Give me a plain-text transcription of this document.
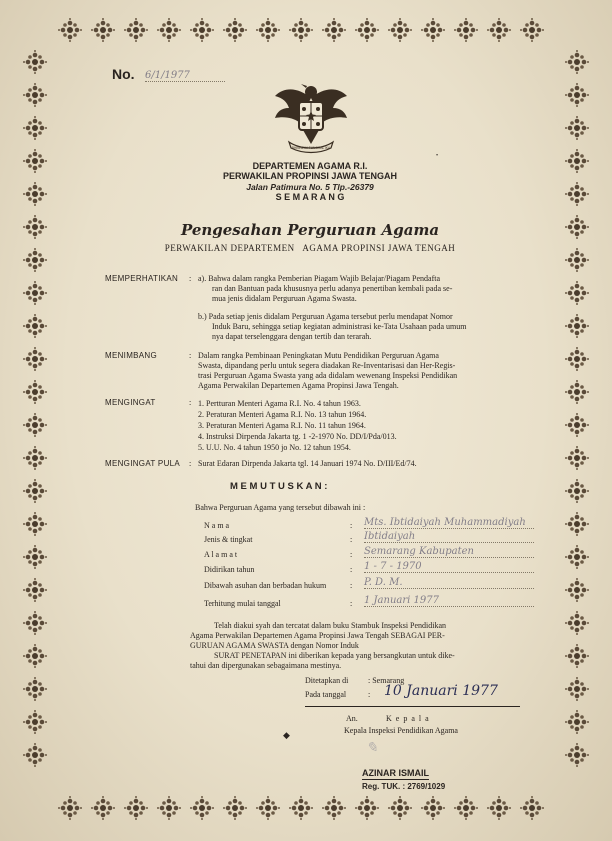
No. 6/1/1977
BHINNEKA TUNGGAL IKA
DEPARTEMEN AGAMA R.I.
PERWAKILAN PROPINSI JAWA TENGAH
Jalan Patimura No. 5 Tlp.-26379
S E M A R A N G
Pengesahan Perguruan Agama
PERWAKILAN DEPARTEMEN   AGAMA PROPINSI JAWA TENGAH
MEMPERHATIKAN : a). Bahwa dalam rangka Pemberian Piagam Wajib Belajar/Piagam Pendafta
ran dan Bantuan pada khususnya perlu adanya penertiban kembali pada se-
mua jenis didalam Perguruan Agama Swasta.
b.) Pada setiap jenis didalam Perguruan Agama tersebut perlu mendapat Nomor
Induk Baru, sehingga setiap kegiatan administrasi ke-Tata Usahaan pada umum
nya dapat terselenggara dengan tertib dan terarah.
MENIMBANG	: Dalam rangka Pembinaan Peningkatan Mutu Pendidikan Perguruan Agama
Swasta, dipandang perlu untuk segera diadakan Re-Inventarisasi dan Her-Regis-
trasi Perguruan Agama Swasta yang ada didalam wewenang Inspeksi Pendidikan
Agama Perwakilan Departemen Agama Propinsi Jawa Tengah.
MENGINGAT	: 1. Pertturan Menteri Agama R.I. No. 4 tahun 1963.
2. Peraturan Menteri Agama R.I. No. 13 tahun 1964.
3. Peraturan Menteri Agama R.I. No. 11 tahun 1964.
4. Instruksi Dirpenda Jakarta tg. 1 -2-1970 No. DD/I/Pda/013.
5. U.U. No. 4 tahun 1950 jo No. 12 tahun 1954.
MENGINGAT PULA : Surat Edaran Dirpenda Jakarta tgl. 14 Januari 1974 No. D/III/Ed/74.
M E M U T U S K A N :
Bahwa Perguruan Agama yang tersebut dibawah ini :
N a m a	: Mts. Ibtidaiyah Muhammadiyah
Jenis & tingkat	: Ibtidaiyah
A l a m a t	: Semarang Kabupaten
Didirikan tahun	: 1 - 7 - 1970
Dibawah asuhan dan berbadan hukum	: P. D. M.
Terhitung mulai tanggal	: 1 Januari 1977
Telah diakui syah dan tercatat dalam buku Stambuk Inspeksi Pendidikan
Agama Perwakilan Departemen Agama Propinsi Jawa Tengah SEBAGAI PER-
GURUAN AGAMA SWASTA dengan Nomor Induk
SURAT PENETAPAN ini diberikan kepada yang bersangkutan untuk dike-
tahui dan dipergunakan sebagaimana mestinya.
Ditetapkan di : Semarang
Pada tanggal	: 10 Januari 1977
An.	K e p a l a
Kepala Inspeksi Pendidikan Agama
✎
AZINAR ISMAIL
Reg. TUK. : 2769/1029
◆
•
